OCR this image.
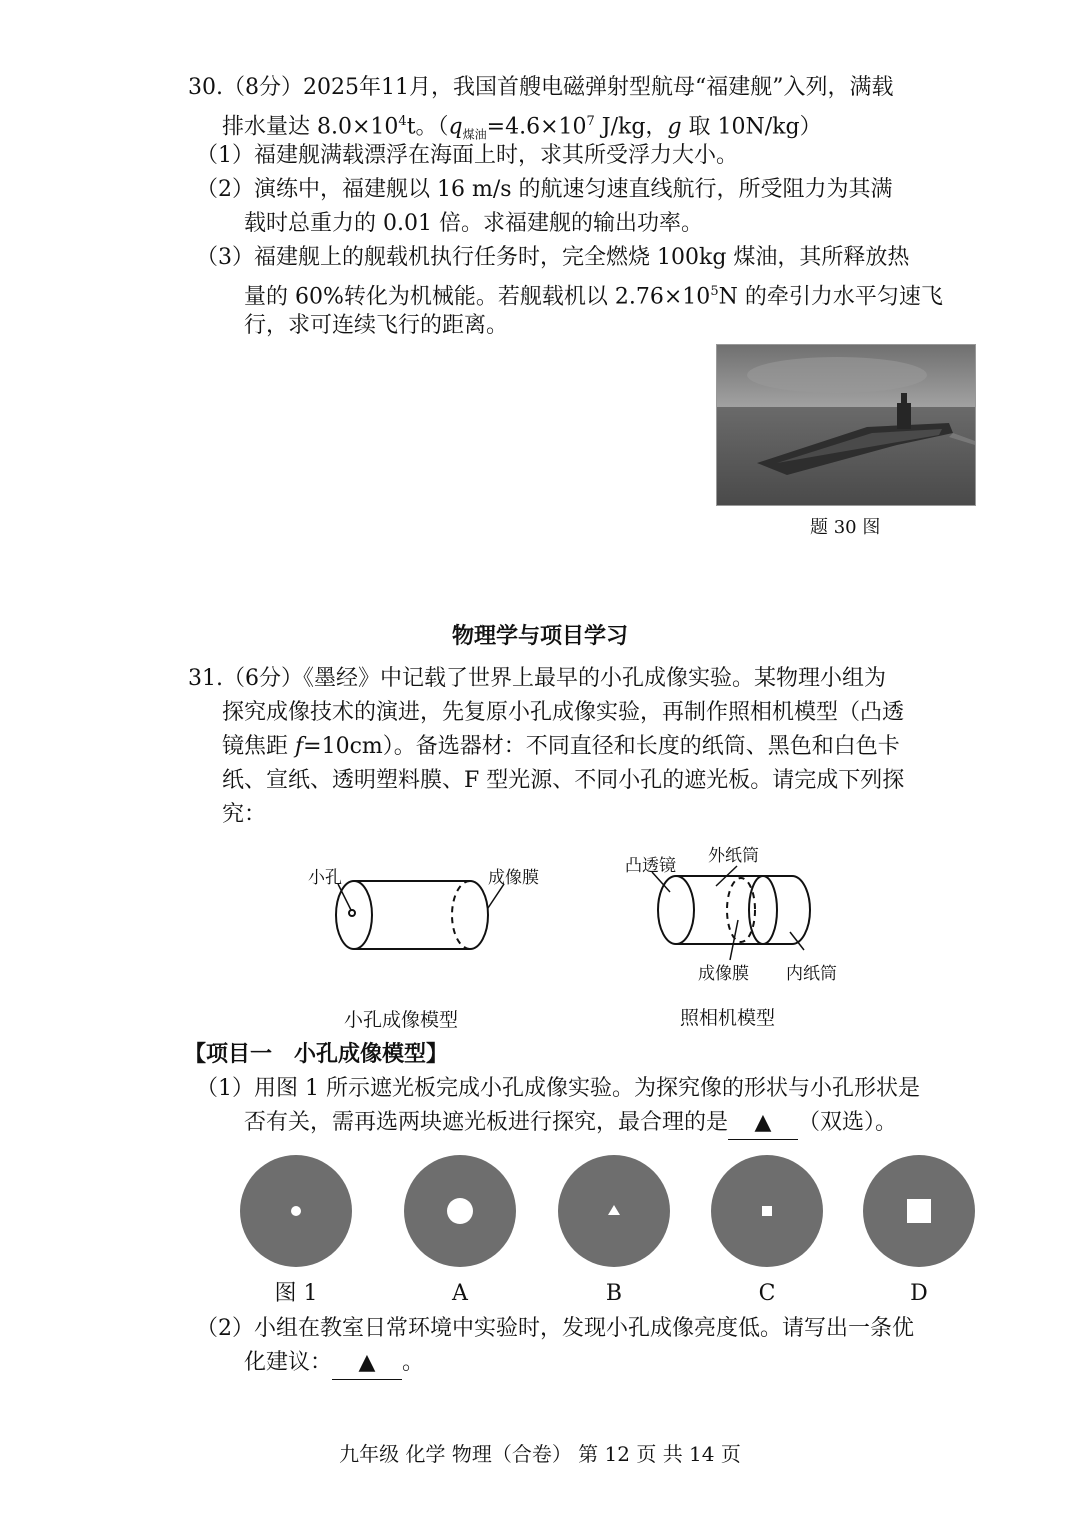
30.（8分）2025年11月，我国首艘电磁弹射型航母“福建舰”入列，满载
排水量达 $8.0\times 10^4t$。（$q_{煤油}=4.6\times 10^7$ J/kg，g 取 10N/kg）
（1）福建舰满载漂浮在海面上时，求其所受浮力大小。
（2）演练中，福建舰以 16 m/s 的航速匀速直线航行，所受阻力为其满
载时总重力的 0.01 倍。求福建舰的输出功率。
（3）福建舰上的舰载机执行任务时，完全燃烧 100kg 煤油，其所释放热
量的 60%转化为机械能。若舰载机以 $2.76\times 10^5N$ 的牵引力水平匀速飞
行，求可连续飞行的距离。
题 30 图
物理学与项目学习
31.（6分）《墨经》中记载了世界上最早的小孔成像实验。某物理小组为
探究成像技术的演进，先复原小孔成像实验，再制作照相机模型（凸透
镜焦距 f=10cm）。备选器材：不同直径和长度的纸筒、黑色和白色卡
纸、宣纸、透明塑料膜、F 型光源、不同小孔的遮光板。请完成下列探
究：
小孔	成像膜
小孔成像模型
凸透镜 外纸筒
成像膜 内纸筒
照相机模型
【项目一　小孔成像模型】
（1）用图 1 所示遮光板完成小孔成像实验。为探究像的形状与小孔形状是
否有关，需再选两块遮光板进行探究，最合理的是 ▲ （双选）。
图 1	A	B	C	D
（2）小组在教室日常环境中实验时，发现小孔成像亮度低。请写出一条优
化建议： ▲ 。
九年级 化学 物理（合卷） 第 12 页 共 14 页
